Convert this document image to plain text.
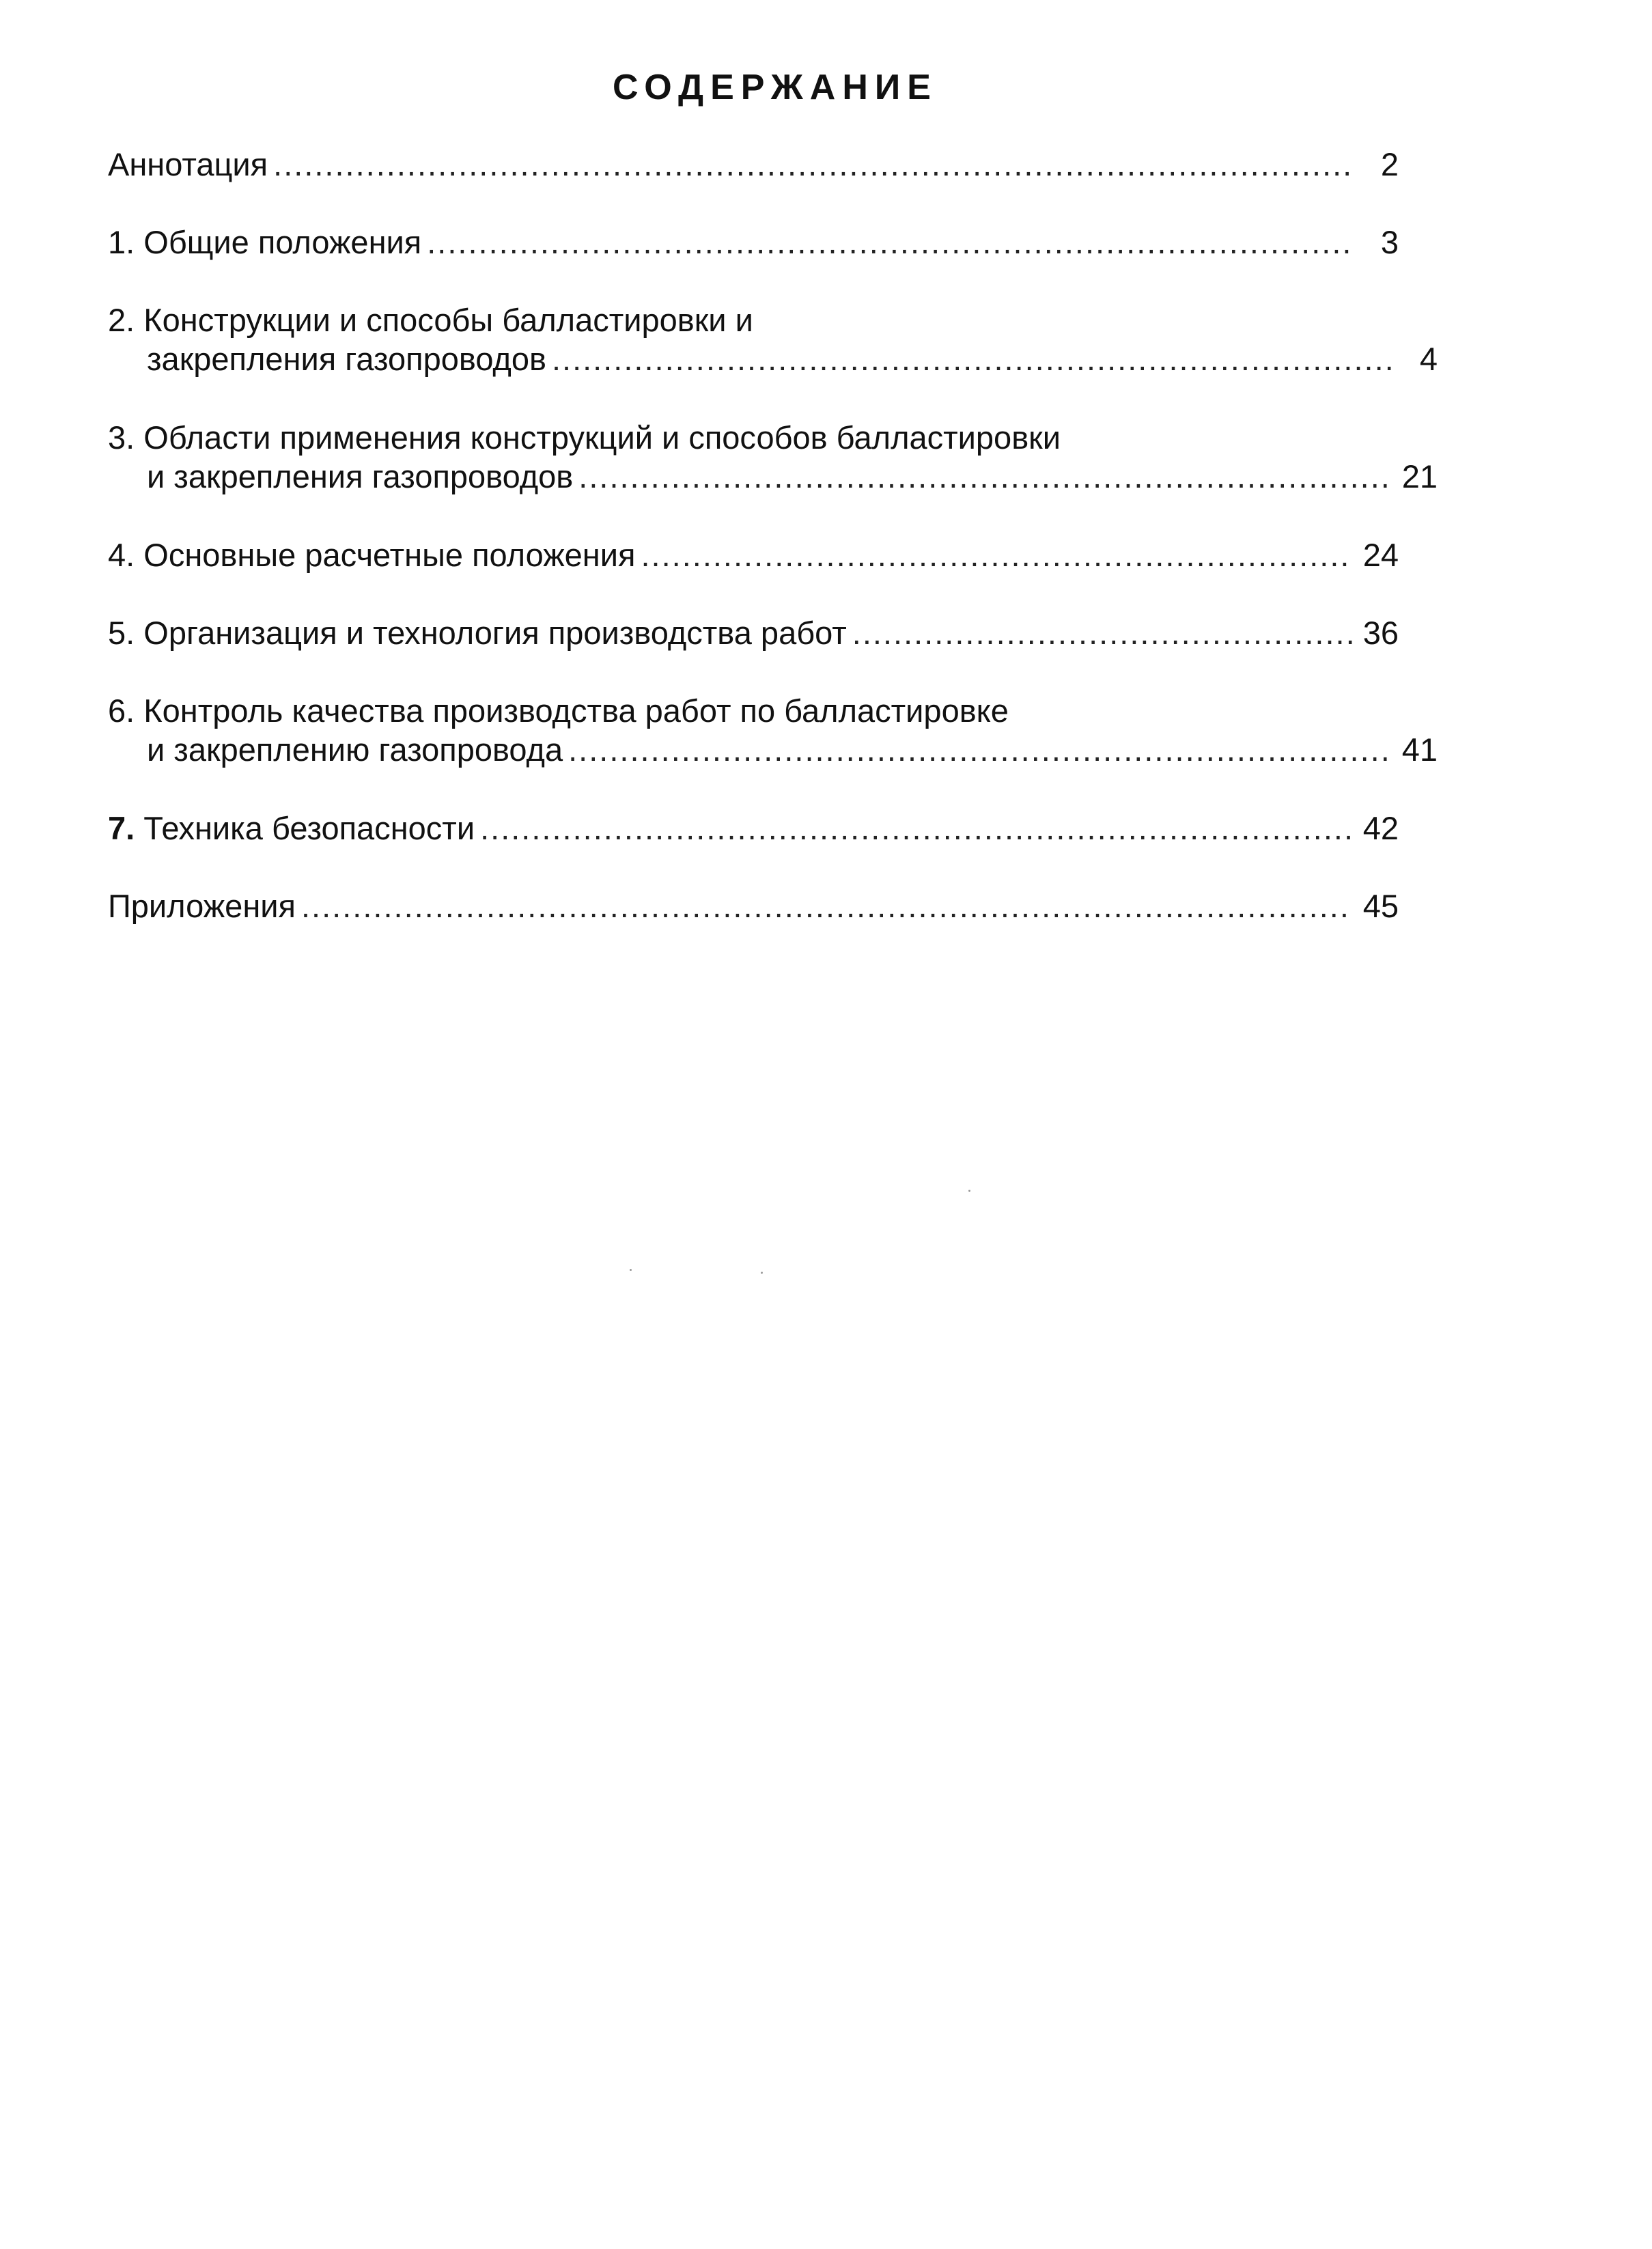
СОДЕРЖАНИЕ
Аннотация .....	2
1. Общие положения .....	3
2. Конструкции и способы балластировки и
закрепления газопроводов .....	4
3. Области применения конструкций и способов балластировки
и закрепления газопроводов .....	21
4. Основные расчетные положения .....	24
5. Организация и технология производства работ .....	36
6. Контроль качества производства работ по балластировке
и закреплению газопровода .....	41
7. Техника безопасности .....	42
Приложения .....	45
